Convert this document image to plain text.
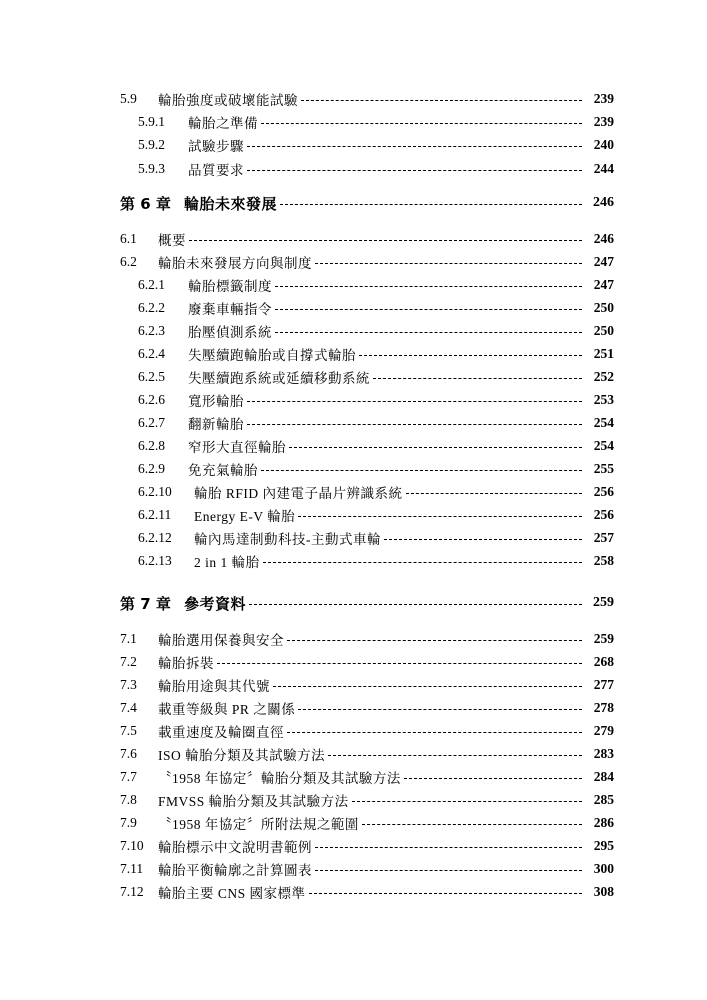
5.9	輪胎強度或破壞能試驗	239
5.9.1	輪胎之準備	239
5.9.2	試驗步驟	240
5.9.3	品質要求	244
第 6 章 輪胎未來發展	246
6.1	概要	246
6.2	輪胎未來發展方向與制度	247
6.2.1	輪胎標籤制度	247
6.2.2	廢棄車輛指令	250
6.2.3	胎壓偵測系統	250
6.2.4	失壓續跑輪胎或自撐式輪胎	251
6.2.5	失壓續跑系統或延續移動系統	252
6.2.6	寬形輪胎	253
6.2.7	翻新輪胎	254
6.2.8	窄形大直徑輪胎	254
6.2.9	免充氣輪胎	255
6.2.10	輪胎 RFID 內建電子晶片辨識系統	256
6.2.11	Energy E-V 輪胎	256
6.2.12	輪內馬達制動科技-主動式車輪	257
6.2.13	2 in 1 輪胎	258
第 7 章 參考資料	259
7.1	輪胎選用保養與安全	259
7.2	輪胎拆裝	268
7.3	輪胎用途與其代號	277
7.4	載重等級與 PR 之關係	278
7.5	載重速度及輪圈直徑	279
7.6	ISO 輪胎分類及其試驗方法	283
7.7	〝1958 年協定〞輪胎分類及其試驗方法	284
7.8	FMVSS 輪胎分類及其試驗方法	285
7.9	〝1958 年協定〞所附法規之範圍	286
7.10	輪胎標示中文說明書範例	295
7.11	輪胎平衡輪廓之計算圖表	300
7.12	輪胎主要 CNS 國家標準	308
